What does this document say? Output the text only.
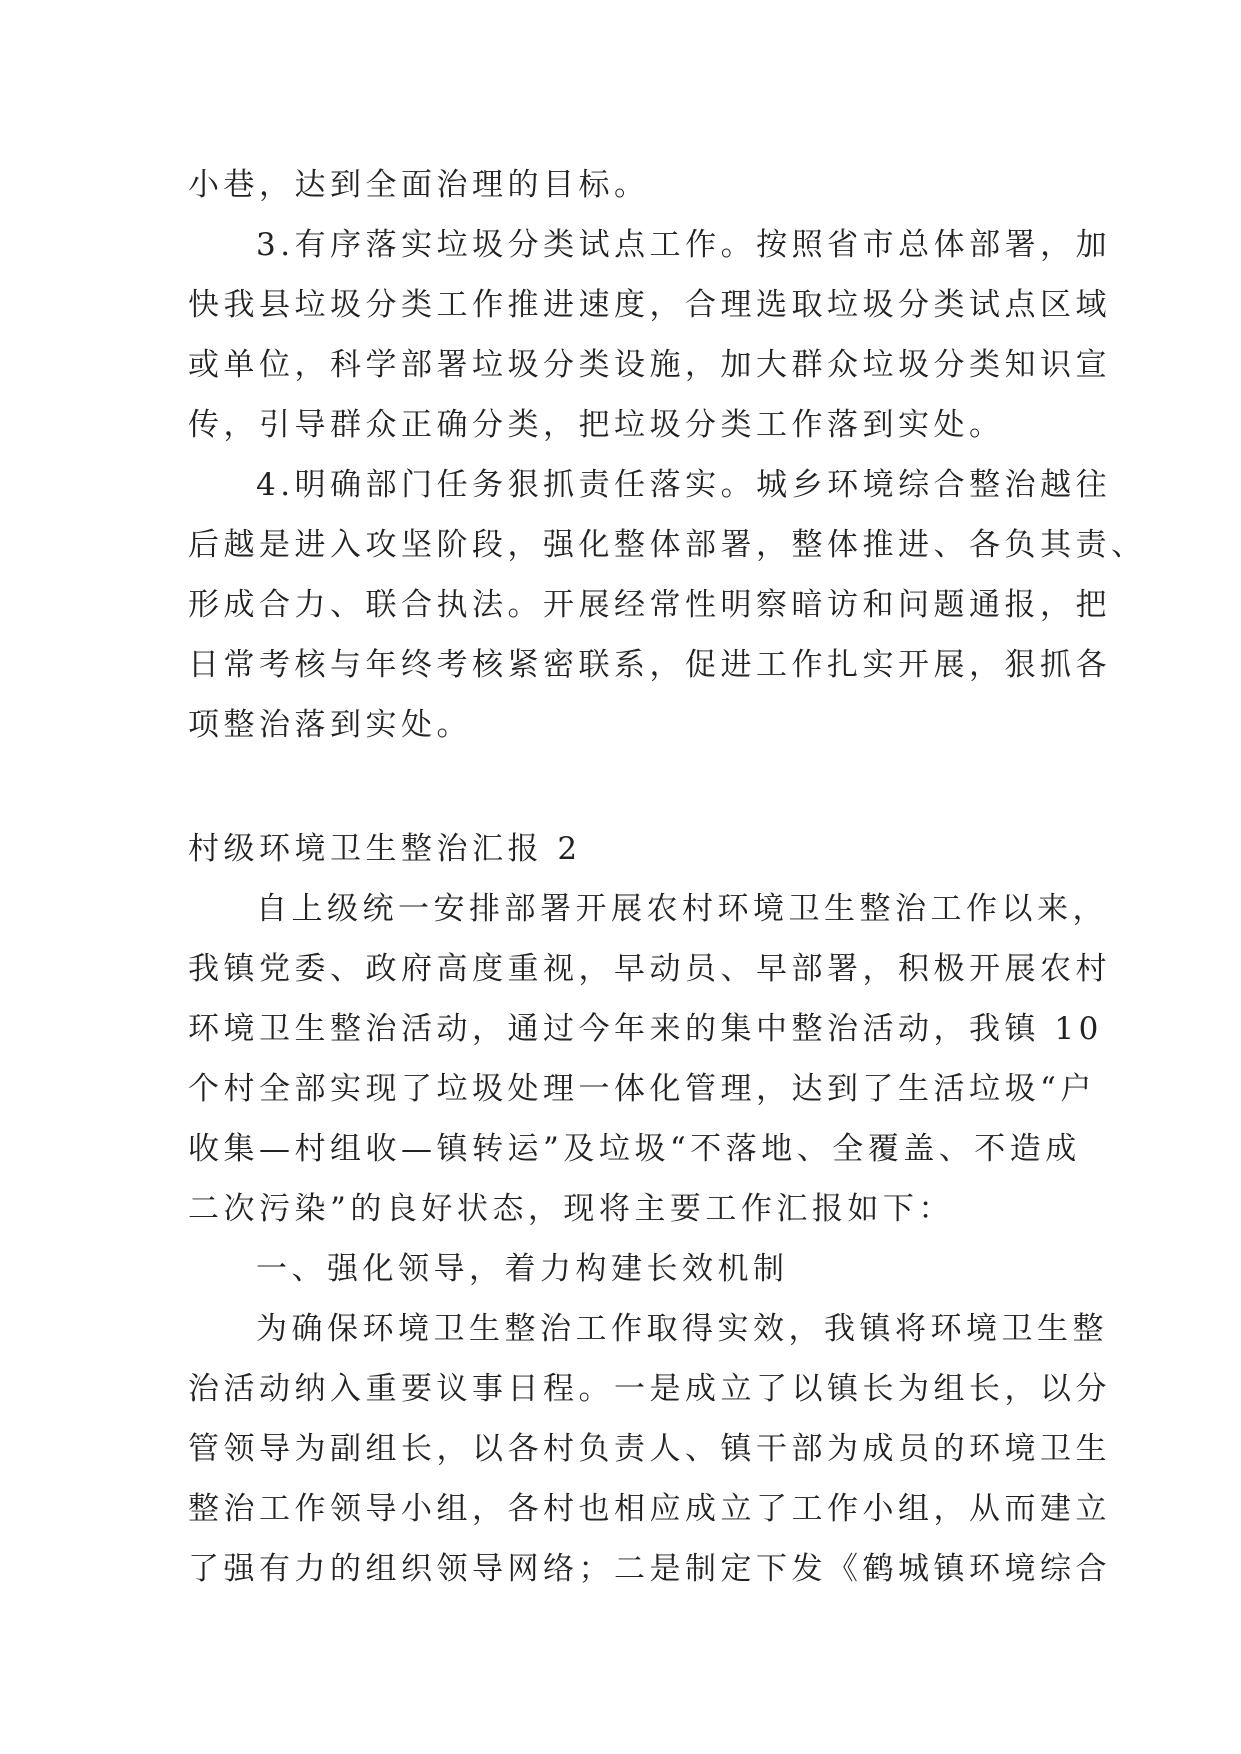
小巷，达到全面治理的目标。
3.有序落实垃圾分类试点工作。按照省市总体部署，加
快我县垃圾分类工作推进速度，合理选取垃圾分类试点区域
或单位，科学部署垃圾分类设施，加大群众垃圾分类知识宣
传，引导群众正确分类，把垃圾分类工作落到实处。
4.明确部门任务狠抓责任落实。城乡环境综合整治越往
后越是进入攻坚阶段，强化整体部署，整体推进、各负其责、
形成合力、联合执法。开展经常性明察暗访和问题通报，把
日常考核与年终考核紧密联系，促进工作扎实开展，狠抓各
项整治落到实处。
村级环境卫生整治汇报 2
自上级统一安排部署开展农村环境卫生整治工作以来，
我镇党委、政府高度重视，早动员、早部署，积极开展农村
环境卫生整治活动，通过今年来的集中整治活动，我镇 10
个村全部实现了垃圾处理一体化管理，达到了生活垃圾“户
收集—村组收—镇转运”及垃圾“不落地、全覆盖、不造成
二次污染”的良好状态，现将主要工作汇报如下：
一、强化领导，着力构建长效机制
为确保环境卫生整治工作取得实效，我镇将环境卫生整
治活动纳入重要议事日程。一是成立了以镇长为组长，以分
管领导为副组长，以各村负责人、镇干部为成员的环境卫生
整治工作领导小组，各村也相应成立了工作小组，从而建立
了强有力的组织领导网络；二是制定下发《鹤城镇环境综合
